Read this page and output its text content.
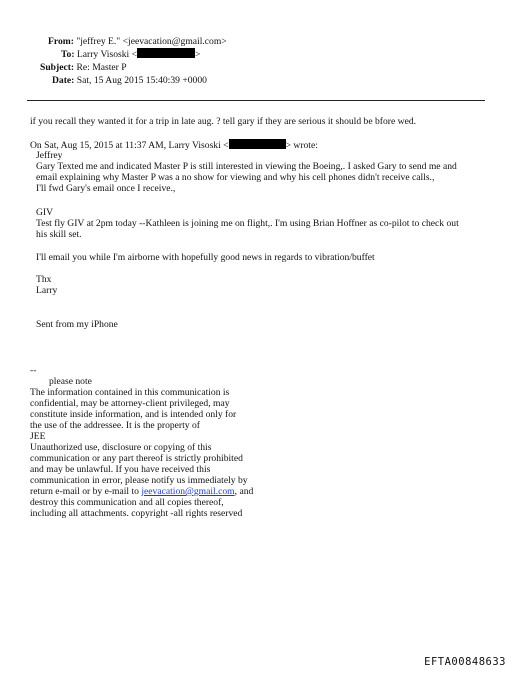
From: "jeffrey E." <jeevacation@gmail.com>
To: Larry Visoski <	>
Subject: Re: Master P
Date: Sat, 15 Aug 2015 15:40:39 +0000
if you recall they wanted it for a trip in late aug. ? tell gary if they are serious it should be bfore wed.
On Sat, Aug 15, 2015 at 11:37 AM, Larry Visoski <	> wrote:
Jeffrey
Gary Texted me and indicated Master P is still interested in viewing the Boeing,. I asked Gary to send me and
email explaining why Master P was a no show for viewing and why his cell phones didn't receive calls.,
I'll fwd Gary's email once I receive.,
GIV
Test fly GIV at 2pm today --Kathleen is joining me on flight,. I'm using Brian Hoffner as co-pilot to check out
his skill set.
I'll email you while I'm airborne with hopefully good news in regards to vibration/buffet
Thx
Larry
Sent from my iPhone
--
please note
The information contained in this communication is
confidential, may be attorney-client privileged, may
constitute inside information, and is intended only for
the use of the addressee. It is the property of
JEE
Unauthorized use, disclosure or copying of this
communication or any part thereof is strictly prohibited
and may be unlawful. If you have received this
communication in error, please notify us immediately by
return e-mail or by e-mail to jeevacation@gmail.com, and
destroy this communication and all copies thereof,
including all attachments. copyright -all rights reserved
EFTA00848633
